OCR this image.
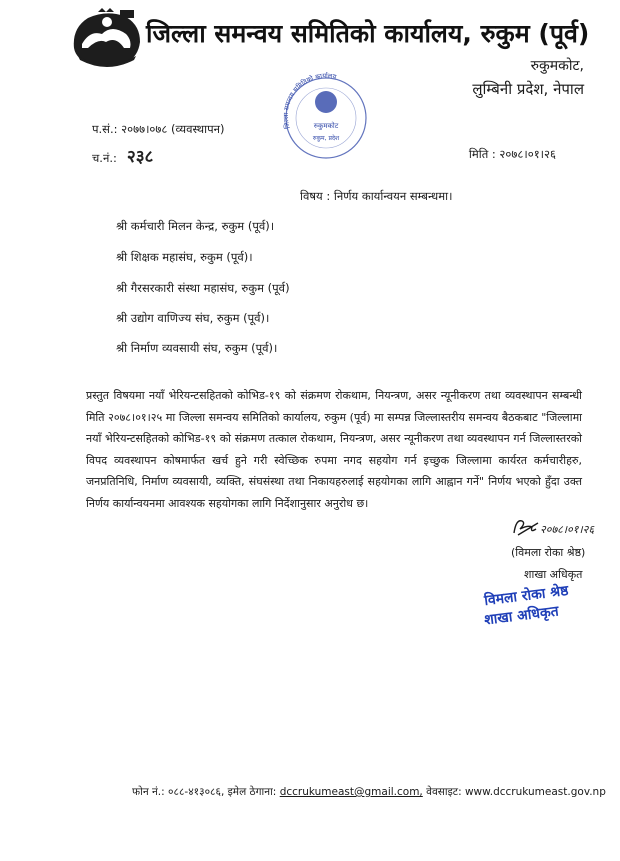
जिल्ला समन्वय समितिको कार्यालय, रुकुम (पूर्व)
रुकुमकोट,
लुम्बिनी प्रदेश, नेपाल
जिल्ला समन्वय समितिको कार्यालय
रुकुमकोट
रुकुम, प्रदेश
प.सं.: २०७७।०७८ (व्यवस्थापन)
च.नं.: २३८	मिति : २०७८।०१।२६
विषय : निर्णय कार्यान्वयन सम्बन्धमा।
श्री कर्मचारी मिलन केन्द्र, रुकुम (पूर्व)।
श्री शिक्षक महासंघ, रुकुम (पूर्व)।
श्री गैरसरकारी संस्था महासंघ, रुकुम (पूर्व)
श्री उद्योग वाणिज्य संघ, रुकुम (पूर्व)।
श्री निर्माण व्यवसायी संघ, रुकुम (पूर्व)।
प्रस्तुत विषयमा नयाँ भेरियन्टसहितको कोभिड-१९ को संक्रमण रोकथाम, नियन्त्रण, असर न्यूनीकरण तथा व्यवस्थापन सम्बन्धी मिति २०७८।०१।२५ मा जिल्ला समन्वय समितिको कार्यालय, रुकुम (पूर्व) मा सम्पन्न जिल्लास्तरीय समन्वय बैठकबाट "जिल्लामा नयाँ भेरियन्टसहितको कोभिड-१९ को संक्रमण तत्काल रोकथाम, नियन्त्रण, असर न्यूनीकरण तथा व्यवस्थापन गर्न जिल्लास्तरको विपद व्यवस्थापन कोषमार्फत खर्च हुने गरी स्वेच्छिक रुपमा नगद सहयोग गर्न इच्छुक जिल्लामा कार्यरत कर्मचारीहरु, जनप्रतिनिधि, निर्माण व्यवसायी, व्यक्ति, संघसंस्था तथा निकायहरुलाई सहयोगका लागि आह्वान गर्ने" निर्णय भएको हुँदा उक्त निर्णय कार्यान्वयनमा आवश्यक सहयोगका लागि निर्देशानुसार अनुरोध छ।
२०७८।०१।२६
(विमला रोका श्रेष्ठ)
शाखा अधिकृत
विमला रोका श्रेष्ठ
शाखा अधिकृत
फोन नं.: ०८८-४१३०८६, इमेल ठेगाना: dccrukumeast@gmail.com, वेवसाइट: www.dccrukumeast.gov.np
